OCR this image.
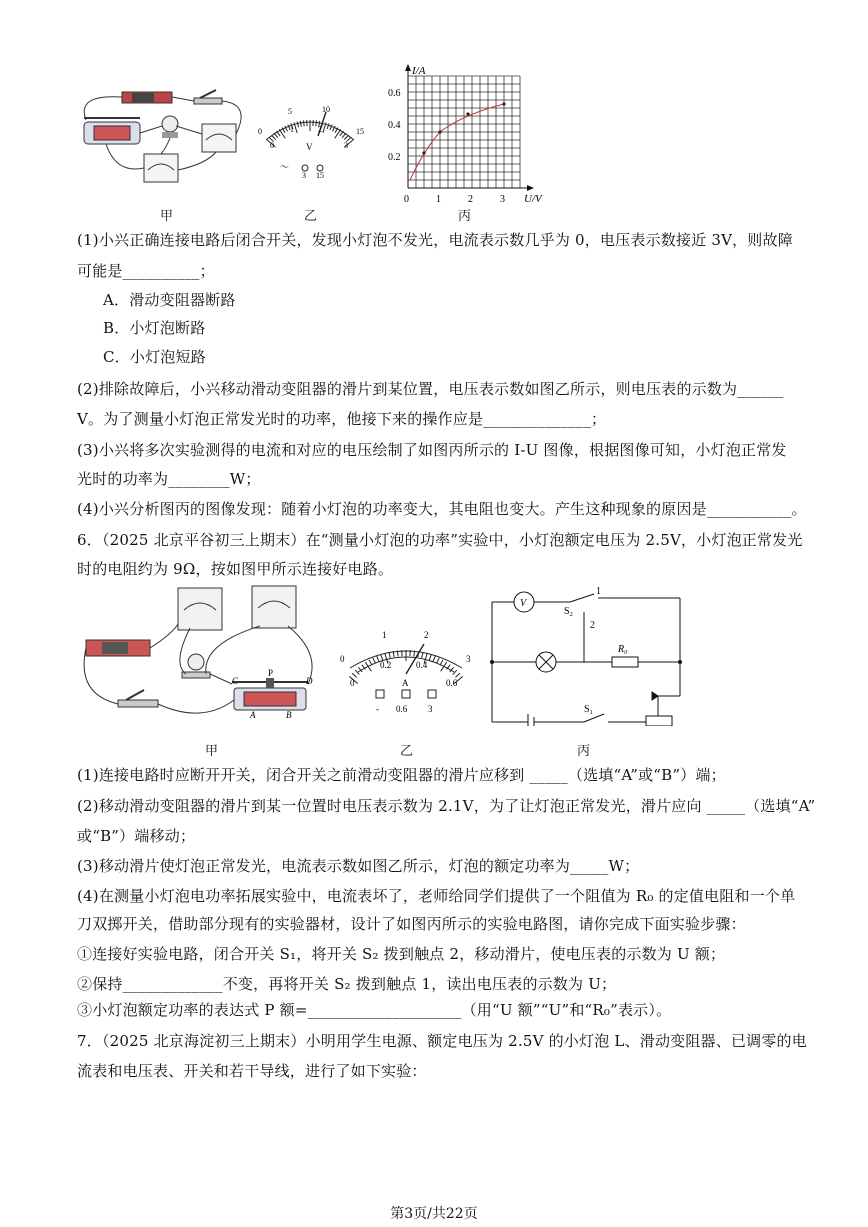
甲
0
5	10
15
0
1	2
3
V
〜
3 15
乙
I/A
U/V
0.6
0.4
0.2
0	1	2	3
丙
(1)小兴正确连接电路后闭合开关，发现小灯泡不发光，电流表示数几乎为 0，电压表示数接近 3V，则故障
可能是__________；
A．滑动变阻器断路
B．小灯泡断路
C．小灯泡短路
(2)排除故障后，小兴移动滑动变阻器的滑片到某位置，电压表示数如图乙所示，则电压表的示数为______
V。为了测量小灯泡正常发光时的功率，他接下来的操作应是______________；
(3)小兴将多次实验测得的电流和对应的电压绘制了如图丙所示的 I-U 图像，根据图像可知，小灯泡正常发
光时的功率为________W；
(4)小兴分析图丙的图像发现：随着小灯泡的功率变大，其电阻也变大。产生这种现象的原因是___________。
6．（2025 北京平谷初三上期末）在“测量小灯泡的功率”实验中，小灯泡额定电压为 2.5V，小灯泡正常发光
时的电阻约为 9Ω，按如图甲所示连接好电路。
C
P
D
A	B
甲
0
1	2
3
0
0.2	0.4
0.6
A
- 0.6 3
乙
V
S₂
1
2
R₀
S₁
丙
(1)连接电路时应断开开关，闭合开关之前滑动变阻器的滑片应移到 _____（选填“A”或“B”）端；
(2)移动滑动变阻器的滑片到某一位置时电压表示数为 2.1V，为了让灯泡正常发光，滑片应向 _____（选填“A”
或“B”）端移动；
(3)移动滑片使灯泡正常发光，电流表示数如图乙所示，灯泡的额定功率为_____W；
(4)在测量小灯泡电功率拓展实验中，电流表坏了，老师给同学们提供了一个阻值为 R₀ 的定值电阻和一个单
刀双掷开关，借助部分现有的实验器材，设计了如图丙所示的实验电路图，请你完成下面实验步骤：
①连接好实验电路，闭合开关 S₁，将开关 S₂ 拨到触点 2，移动滑片，使电压表的示数为 U 额；
②保持_____________不变，再将开关 S₂ 拨到触点 1，读出电压表的示数为 U；
③小灯泡额定功率的表达式 P 额=____________________（用“U 额”“U”和“R₀”表示）。
7．（2025 北京海淀初三上期末）小明用学生电源、额定电压为 2.5V 的小灯泡 L、滑动变阻器、已调零的电
流表和电压表、开关和若干导线，进行了如下实验：
第3页/共22页
